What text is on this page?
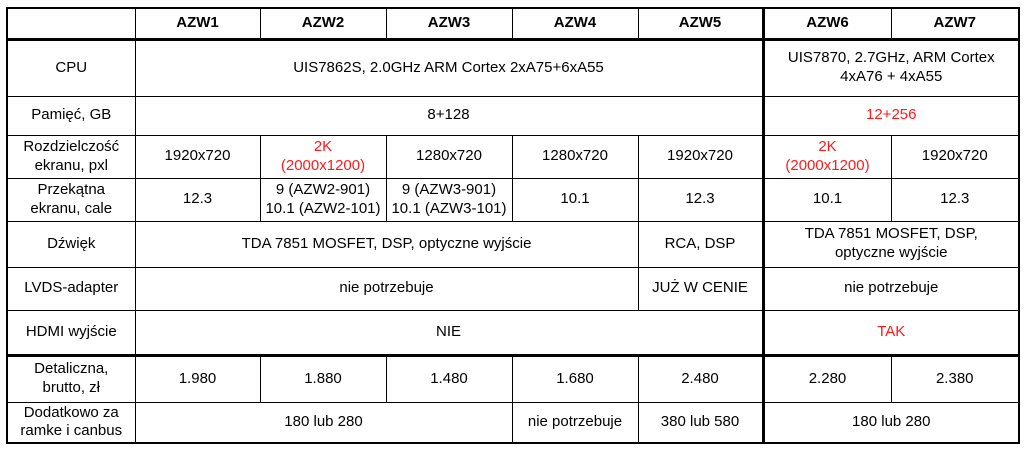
	AZW1	AZW2	AZW3	AZW4	AZW5	AZW6	AZW7
CPU	UIS7862S, 2.0GHz ARM Cortex 2xA75+6xA55					UIS7870, 2.7GHz, ARM Cortex
4xA76 + 4xA55	

Pamięć, GB	8+128					12+256	

Rozdzielczość
ekranu, pxl	1920x720	2K
(2000x1200)	1280x720	1280x720	1920x720	2K
(2000x1200)	1920x720

Przekątna
ekranu, cale	12.3	9 (AZW2-901)
10.1 (AZW2-101)	9 (AZW3-901)
10.1 (AZW3-101)	10.1	12.3	10.1	12.3
Dźwięk	TDA 7851 MOSFET, DSP, optyczne wyjście				RCA, DSP	TDA 7851 MOSFET, DSP,
optyczne wyjście	

LVDS-adapter	nie potrzebuje				JUŻ W CENIE	nie potrzebuje	
HDMI wyjście	NIE					TAK	

Detaliczna,
brutto, zł	1.980	1.880	1.480	1.680	2.480	2.280	2.380

Dodatkowo za
ramke i canbus	180 lub 280			nie potrzebuje	380 lub 580	180 lub 280	
